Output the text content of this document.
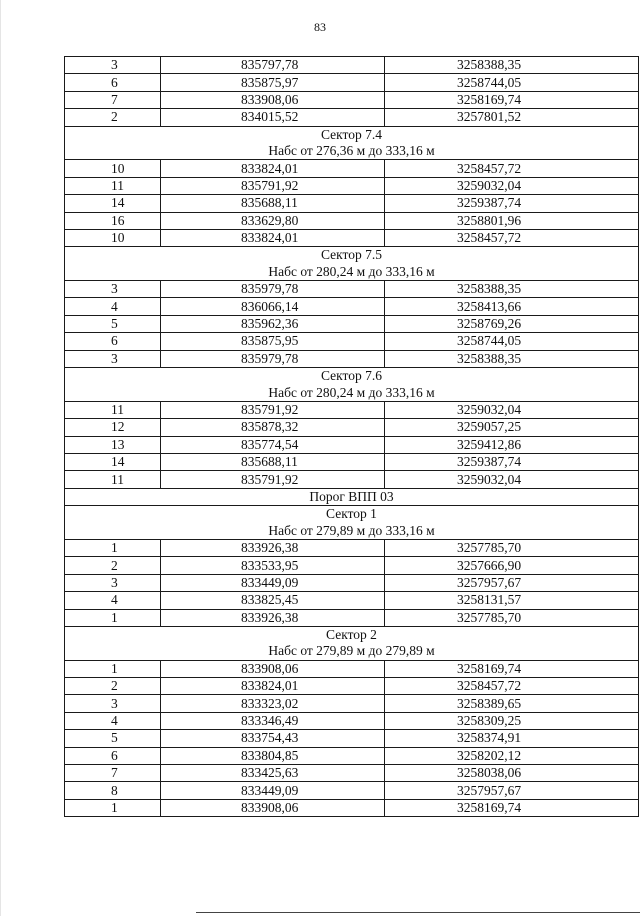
83
3	835797,78	3258388,35
6	835875,97	3258744,05
7	833908,06	3258169,74
2	834015,52	3257801,52
Сектор 7.4		
Набс от 276,36 м до 333,16 м		
10	833824,01	3258457,72
11	835791,92	3259032,04
14	835688,11	3259387,74
16	833629,80	3258801,96
10	833824,01	3258457,72
Сектор 7.5		
Набс от 280,24 м до 333,16 м		
3	835979,78	3258388,35
4	836066,14	3258413,66
5	835962,36	3258769,26
6	835875,95	3258744,05
3	835979,78	3258388,35
Сектор 7.6		
Набс от 280,24 м до 333,16 м		
11	835791,92	3259032,04
12	835878,32	3259057,25
13	835774,54	3259412,86
14	835688,11	3259387,74
11	835791,92	3259032,04
Порог ВПП 03		
Сектор 1		
Набс от 279,89 м до 333,16 м		
1	833926,38	3257785,70
2	833533,95	3257666,90
3	833449,09	3257957,67
4	833825,45	3258131,57
1	833926,38	3257785,70
Сектор 2		
Набс от 279,89 м до 279,89 м		
1	833908,06	3258169,74
2	833824,01	3258457,72
3	833323,02	3258389,65
4	833346,49	3258309,25
5	833754,43	3258374,91
6	833804,85	3258202,12
7	833425,63	3258038,06
8	833449,09	3257957,67
1	833908,06	3258169,74
